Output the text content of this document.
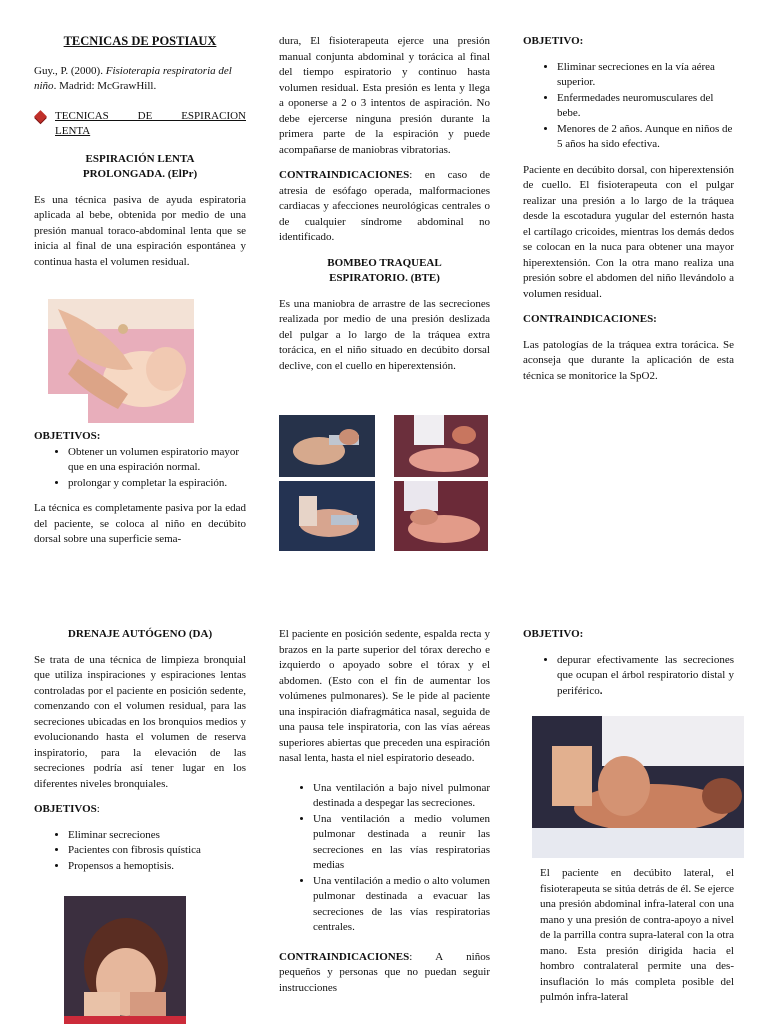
TECNICAS DE POSTIAUX

Guy., P. (2000). Fisioterapia respiratoria del niño. Madrid: McGrawHill.

TECNICAS DE ESPIRACION LENTA

ESPIRACIÓN LENTA PROLONGADA. (ElPr)

Es una técnica pasiva de ayuda espiratoria aplicada al bebe, obtenida por medio de una presión manual toraco-abdominal lenta que se inicia al final de una espiración espontánea y continua hasta el volumen residual.

OBJETIVOS:

• Obtener un volumen espiratorio mayor que en una espiración normal.
• prolongar y completar la espiración.

La técnica es completamente pasiva por la edad del paciente, se coloca al niño en decúbito dorsal sobre una superficie sema-

dura, El fisioterapeuta ejerce una presión manual conjunta abdominal y torácica al final del tiempo espiratorio y continuo hasta volumen residual. Esta presión es lenta y llega a oponerse a 2 o 3 intentos de aspiración. No debe ejercerse ninguna presión durante la primera parte de la espiración y puede acompañarse de maniobras vibratorias.

CONTRAINDICACIONES: en caso de atresia de esófago operada, malformaciones cardiacas y afecciones neurológicas centrales o de cualquier síndrome abdominal no identificado.

BOMBEO TRAQUEAL ESPIRATORIO. (BTE)

Es una maniobra de arrastre de las secreciones realizada por medio de una presión deslizada del pulgar a lo largo de la tráquea extra torácica, en el niño situado en decúbito dorsal declive, con el cuello en hiperextensión.

OBJETIVO:

• Eliminar secreciones en la vía aérea superior.
• Enfermedades neuromusculares del bebe.
• Menores de 2 años. Aunque en niños de 5 años ha sido efectiva.

Paciente en decúbito dorsal, con hiperextensión de cuello. El fisioterapeuta con el pulgar realizar una presión a lo largo de la tráquea desde la escotadura yugular del esternón hasta el cartílago cricoides, mientras los demás dedos se colocan en la nuca para obtener una mayor hiperextensión. Con la otra mano realiza una presión sobre el abdomen del niño llevándolo a volumen residual.

CONTRAINDICACIONES:

Las patologías de la tráquea extra torácica. Se aconseja que durante la aplicación de esta técnica se monitorice la SpO2.

DRENAJE AUTÓGENO (DA)

Se trata de una técnica de limpieza bronquial que utiliza inspiraciones y espiraciones lentas controladas por el paciente en posición sedente, comenzando con el volumen residual, para las secreciones ubicadas en los bronquios medios y evolucionando hasta el volumen de reserva inspiratorio, para la elevación de las secreciones podría así tener lugar en los diferentes niveles bronquiales.

OBJETIVOS:

• Eliminar secreciones
• Pacientes con fibrosis quística
• Propensos a hemoptisis.

El paciente en posición sedente, espalda recta y brazos en la parte superior del tórax derecho e izquierdo o apoyado sobre el tórax y el abdomen. (Esto con el fin de aumentar los volúmenes pulmonares). Se le pide al paciente una inspiración diafragmática nasal, seguida de una pausa tele inspiratoria, con las vías aéreas superiores abiertas que preceden una espiración nasal lenta, hasta el niel espiratorio deseado.

• Una ventilación a bajo nivel pulmonar destinada a despegar las secreciones.
• Una ventilación a medio volumen pulmonar destinada a reunir las secreciones en las vías respiratorias medias
• Una ventilación a medio o alto volumen pulmonar destinada a evacuar las secreciones de las vías respiratorias centrales.

CONTRAINDICACIONES: A niños pequeños y personas que no puedan seguir instrucciones

OBJETIVO:

• depurar efectivamente las secreciones que ocupan el árbol respiratorio distal y periférico.

El paciente en decúbito lateral, el fisioterapeuta se sitúa detrás de él. Se ejerce una presión abdominal infra-lateral con una mano y una presión de contra-apoyo a nivel de la parrilla contra supra-lateral con la otra mano. Esta presión dirigida hacia el hombro contralateral permite una des-insuflación lo más completa posible del pulmón infra-lateral
